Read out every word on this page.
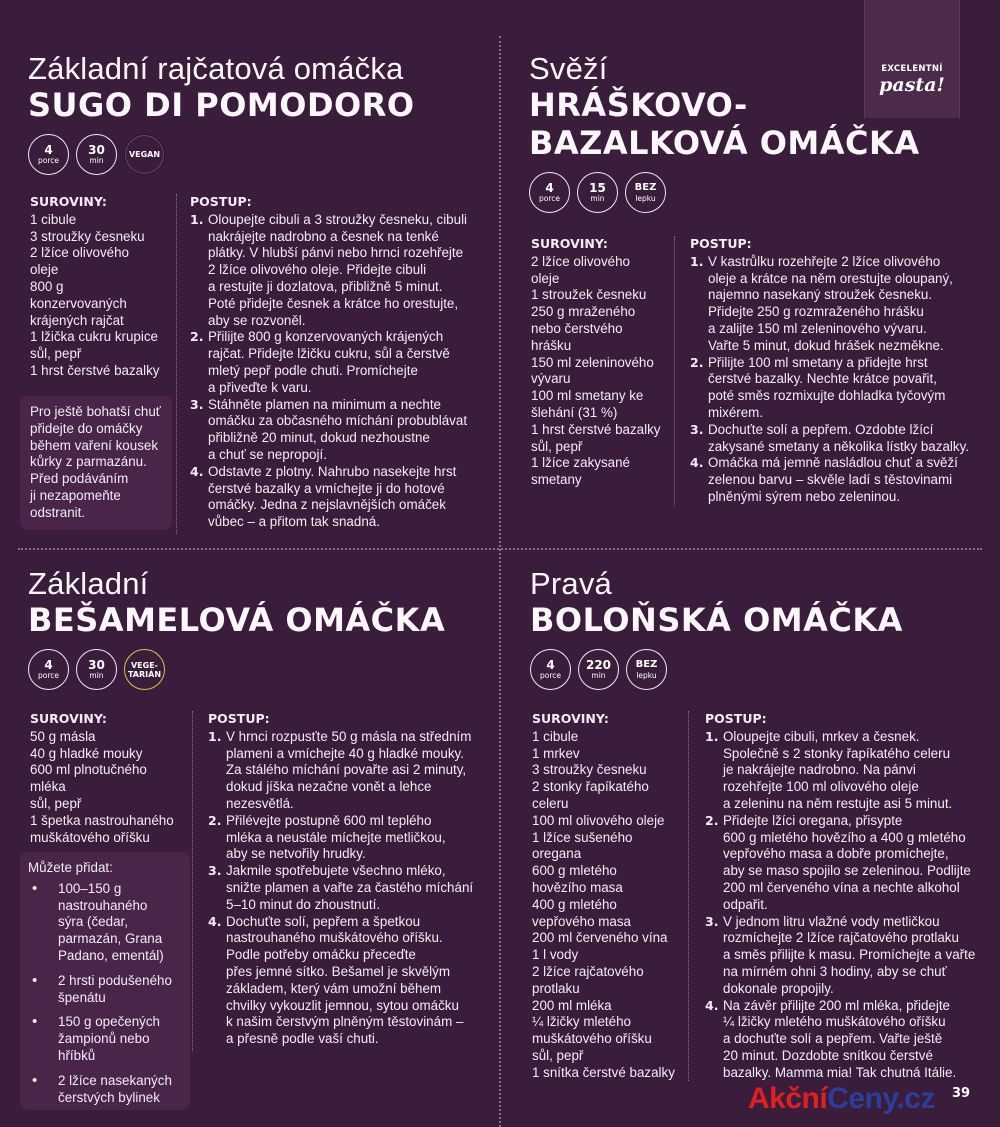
EXCELENTNÍ
pasta!
Základní rajčatová omáčka
SUGO DI POMODORO
4
porce
30
min
VEGAN
SUROVINY:
1 cibule
3 stroužky česneku
2 lžíce olivového
oleje
800 g
konzervovaných
krájených rajčat
1 lžička cukru krupice
sůl, pepř
1 hrst čerstvé bazalky
Pro ještě bohatší chuť
přidejte do omáčky
během vaření kousek
kůrky z parmazánu.
Před podáváním
ji nezapomeňte
odstranit.
POSTUP:
1. Oloupejte cibuli a 3 stroužky česneku, cibuli
nakrájejte nadrobno a česnek na tenké
plátky. V hlubší pánvi nebo hrnci rozehřejte
2 lžíce olivového oleje. Přidejte cibuli
a restujte ji dozlatova, přibližně 5 minut.
Poté přidejte česnek a krátce ho orestujte,
aby se rozvoněl.
2. Přilijte 800 g konzervovaných krájených
rajčat. Přidejte lžičku cukru, sůl a čerstvě
mletý pepř podle chuti. Promíchejte
a přiveďte k varu.
3. Stáhněte plamen na minimum a nechte
omáčku za občasného míchání probublávat
přibližně 20 minut, dokud nezhoustne
a chuť se nepropojí.
4. Odstavte z plotny. Nahrubo nasekejte hrst
čerstvé bazalky a vmíchejte ji do hotové
omáčky. Jedna z nejslavnějších omáček
vůbec – a přitom tak snadná.
Svěží
HRÁŠKOVO-
BAZALKOVÁ OMÁČKA
4
porce
15
min
BEZ
lepku
SUROVINY:
2 lžíce olivového
oleje
1 stroužek česneku
250 g mraženého
nebo čerstvého
hrášku
150 ml zeleninového
vývaru
100 ml smetany ke
šlehání (31 %)
1 hrst čerstvé bazalky
sůl, pepř
1 lžíce zakysané
smetany
POSTUP:
1. V kastrůlku rozehřejte 2 lžíce olivového
oleje a krátce na něm orestujte oloupaný,
najemno nasekaný stroužek česneku.
Přidejte 250 g rozmraženého hrášku
a zalijte 150 ml zeleninového vývaru.
Vařte 5 minut, dokud hrášek nezměkne.
2. Přilijte 100 ml smetany a přidejte hrst
čerstvé bazalky. Nechte krátce povařit,
poté směs rozmixujte dohladka tyčovým
mixérem.
3. Dochuťte solí a pepřem. Ozdobte lžící
zakysané smetany a několika lístky bazalky.
4. Omáčka má jemně nasládlou chuť a svěží
zelenou barvu – skvěle ladí s těstovinami
plněnými sýrem nebo zeleninou.
Základní
BEŠAMELOVÁ OMÁČKA
4
porce
30
min
VEGE-
TARIÁN
SUROVINY:
50 g másla
40 g hladké mouky
600 ml plnotučného
mléka
sůl, pepř
1 špetka nastrouhaného
muškátového oříšku
Můžete přidat:
• 100–150 g
nastrouhaného
sýra (čedar,
parmazán, Grana
Padano, ementál)
• 2 hrsti podušeného
špenátu
• 150 g opečených
žampionů nebo
hříbků
• 2 lžíce nasekaných
čerstvých bylinek
POSTUP:
1. V hrnci rozpusťte 50 g másla na středním
plameni a vmíchejte 40 g hladké mouky.
Za stálého míchání povařte asi 2 minuty,
dokud jíška nezačne vonět a lehce
nezesvětlá.
2. Přilévejte postupně 600 ml teplého
mléka a neustále míchejte metličkou,
aby se netvořily hrudky.
3. Jakmile spotřebujete všechno mléko,
snižte plamen a vařte za častého míchání
5–10 minut do zhoustnutí.
4. Dochuťte solí, pepřem a špetkou
nastrouhaného muškátového oříšku.
Podle potřeby omáčku přeceďte
přes jemné sítko. Bešamel je skvělým
základem, který vám umožní během
chvilky vykouzlit jemnou, sytou omáčku
k našim čerstvým plněným těstovinám –
a přesně podle vaší chuti.
Pravá
BOLOŇSKÁ OMÁČKA
4
porce
220
min
BEZ
lepku
SUROVINY:
1 cibule
1 mrkev
3 stroužky česneku
2 stonky řapíkatého
celeru
100 ml olivového oleje
1 lžíce sušeného
oregana
600 g mletého
hovězího masa
400 g mletého
vepřového masa
200 ml červeného vína
1 l vody
2 lžíce rajčatového
protlaku
200 ml mléka
¼ lžičky mletého
muškátového oříšku
sůl, pepř
1 snítka čerstvé bazalky
POSTUP:
1. Oloupejte cibuli, mrkev a česnek.
Společně s 2 stonky řapíkatého celeru
je nakrájejte nadrobno. Na pánvi
rozehřejte 100 ml olivového oleje
a zeleninu na něm restujte asi 5 minut.
2. Přidejte lžíci oregana, přisypte
600 g mletého hovězího a 400 g mletého
vepřového masa a dobře promíchejte,
aby se maso spojilo se zeleninou. Podlijte
200 ml červeného vína a nechte alkohol
odpařit.
3. V jednom litru vlažné vody metličkou
rozmíchejte 2 lžíce rajčatového protlaku
a směs přilijte k masu. Promíchejte a vařte
na mírném ohni 3 hodiny, aby se chuť
dokonale propojily.
4. Na závěr přilijte 200 ml mléka, přidejte
¼ lžičky mletého muškátového oříšku
a dochuťte solí a pepřem. Vařte ještě
20 minut. Dozdobte snítkou čerstvé
bazalky. Mamma mia! Tak chutná Itálie.
AkčníCeny.cz 39
